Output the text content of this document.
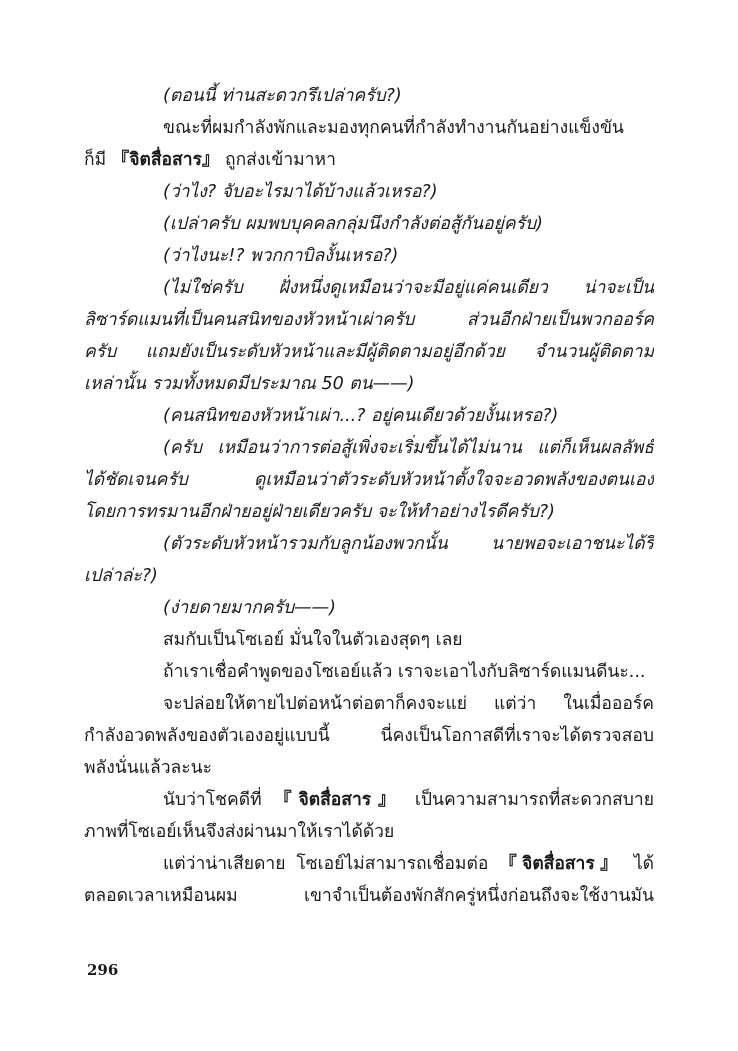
(ตอนนี้ ท่านสะดวกรึเปล่าครับ?)
ขณะที่ผมกำลังพักและมองทุกคนที่กำลังทำงานกันอย่างแข็งขัน
ก็มี 『จิตสื่อสาร』 ถูกส่งเข้ามาหา
(ว่าไง? จับอะไรมาได้บ้างแล้วเหรอ?)
(เปล่าครับ ผมพบบุคคลกลุ่มนึงกำลังต่อสู้กันอยู่ครับ)
(ว่าไงนะ!? พวกกาบิลงั้นเหรอ?)
(ไม่ใช่ครับ ฝั่งหนึ่งดูเหมือนว่าจะมีอยู่แค่คนเดียว น่าจะเป็น
ลิซาร์ดแมนที่เป็นคนสนิทของหัวหน้าเผ่าครับ ส่วนอีกฝ่ายเป็นพวกออร์ค
ครับ แถมยังเป็นระดับหัวหน้าและมีผู้ติดตามอยู่อีกด้วย จำนวนผู้ติดตาม
เหล่านั้น รวมทั้งหมดมีประมาณ 50 ตน——)
(คนสนิทของหัวหน้าเผ่า...? อยู่คนเดียวด้วยงั้นเหรอ?)
(ครับ เหมือนว่าการต่อสู้เพิ่งจะเริ่มขึ้นได้ไม่นาน แต่ก็เห็นผลลัพธ์
ได้ชัดเจนครับ ดูเหมือนว่าตัวระดับหัวหน้าตั้งใจจะอวดพลังของตนเอง
โดยการทรมานอีกฝ่ายอยู่ฝ่ายเดียวครับ จะให้ทำอย่างไรดีครับ?)
(ตัวระดับหัวหน้ารวมกับลูกน้องพวกนั้น นายพอจะเอาชนะได้รึ
เปล่าล่ะ?)
(ง่ายดายมากครับ——)
สมกับเป็นโซเอย์ มั่นใจในตัวเองสุดๆ เลย
ถ้าเราเชื่อคำพูดของโซเอย์แล้ว เราจะเอาไงกับลิซาร์ดแมนดีนะ...
จะปล่อยให้ตายไปต่อหน้าต่อตาก็คงจะแย่ แต่ว่า ในเมื่อออร์ค
กำลังอวดพลังของตัวเองอยู่แบบนี้ นี่คงเป็นโอกาสดีที่เราจะได้ตรวจสอบ
พลังนั่นแล้วละนะ
นับว่าโชคดีที่ 『จิตสื่อสาร』 เป็นความสามารถที่สะดวกสบาย
ภาพที่โซเอย์เห็นจึงส่งผ่านมาให้เราได้ด้วย
แต่ว่าน่าเสียดาย โซเอย์ไม่สามารถเชื่อมต่อ 『จิตสื่อสาร』 ได้
ตลอดเวลาเหมือนผม เขาจำเป็นต้องพักสักครู่หนึ่งก่อนถึงจะใช้งานมัน
296
